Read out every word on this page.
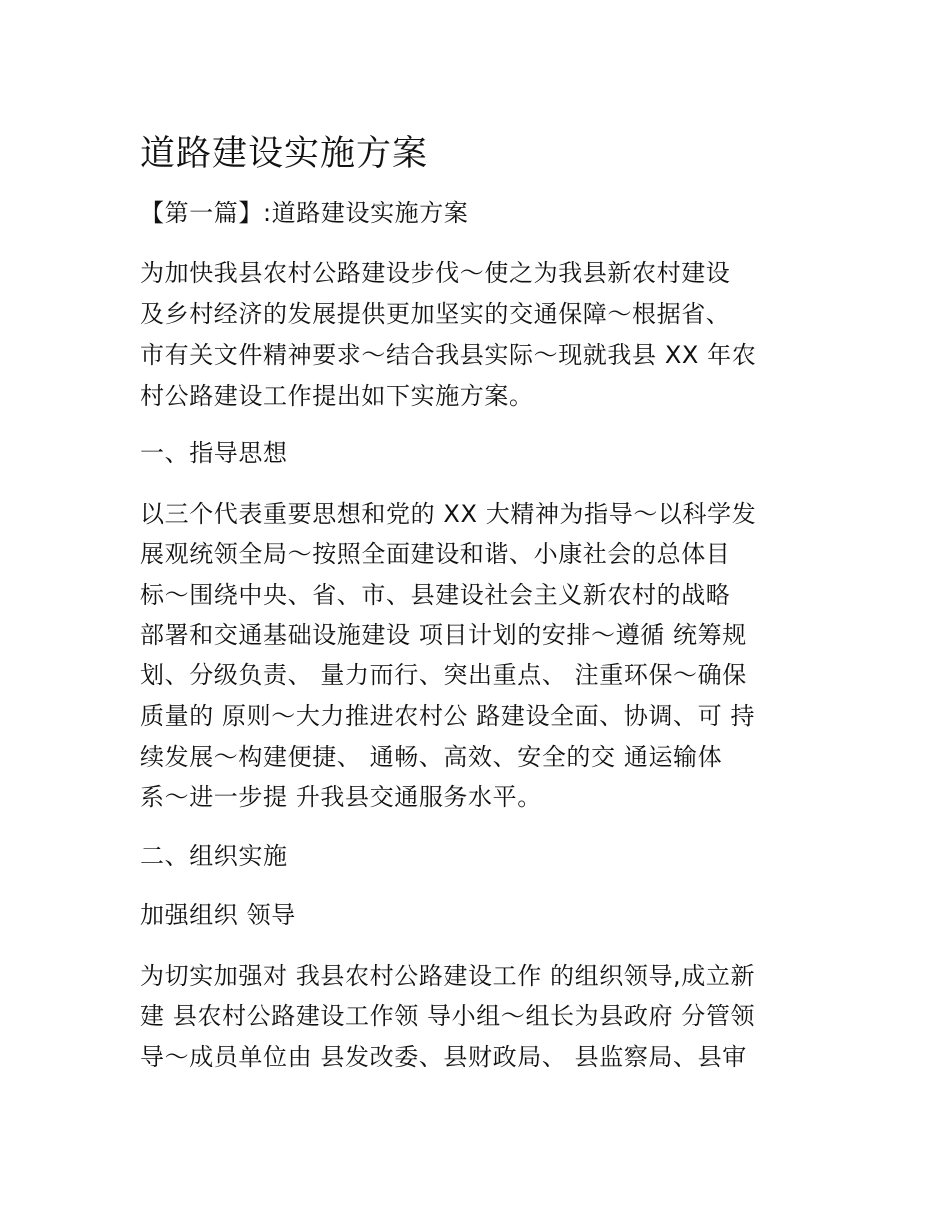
道路建设实施方案

【第一篇】:道路建设实施方案

为加快我县农村公路建设步伐～使之为我县新农村建设

及乡村经济的发展提供更加坚实的交通保障～根据省、

市有关文件精神要求～结合我县实际～现就我县 XX 年农

村公路建设工作提出如下实施方案。

一、指导思想

以三个代表重要思想和党的 XX 大精神为指导～以科学发

展观统领全局～按照全面建设和谐、小康社会的总体目

标～围绕中央、省、市、县建设社会主义新农村的战略

部署和交通基础设施建设 项目计划的安排～遵循 统筹规

划、分级负责、 量力而行、突出重点、 注重环保～确保

质量的 原则～大力推进农村公 路建设全面、协调、可 持

续发展～构建便捷、 通畅、高效、安全的交 通运输体

系～进一步提 升我县交通服务水平。

二、组织实施

加强组织 领导

为切实加强对 我县农村公路建设工作 的组织领导,成立新

建 县农村公路建设工作领 导小组～组长为县政府 分管领

导～成员单位由 县发改委、县财政局、 县监察局、县审
